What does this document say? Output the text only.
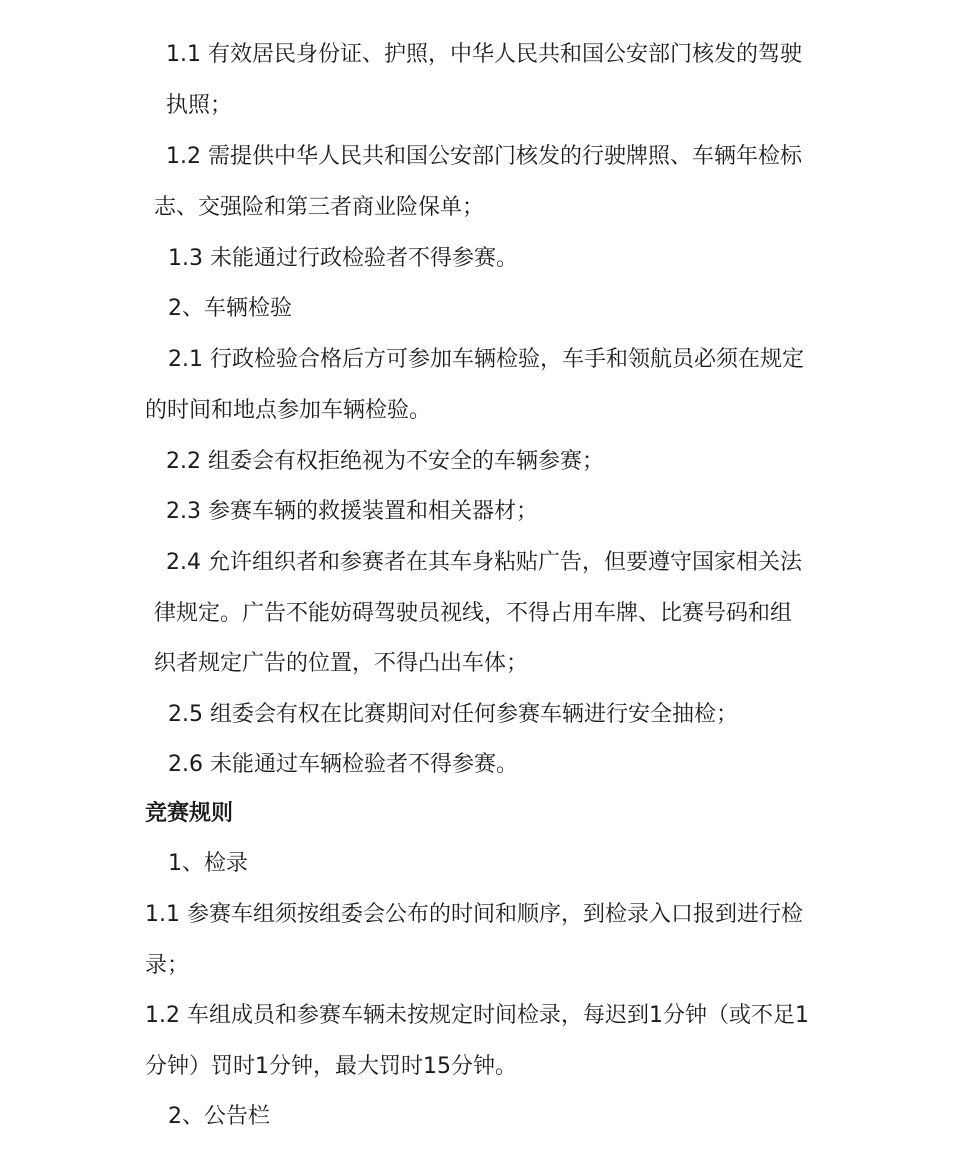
1.1 有效居民身份证、护照，中华人民共和国公安部门核发的驾驶
执照；
1.2 需提供中华人民共和国公安部门核发的行驶牌照、车辆年检标
志、交强险和第三者商业险保单；
1.3 未能通过行政检验者不得参赛。
2、车辆检验
2.1 行政检验合格后方可参加车辆检验，车手和领航员必须在规定
的时间和地点参加车辆检验。
2.2 组委会有权拒绝视为不安全的车辆参赛；
2.3 参赛车辆的救援装置和相关器材；
2.4 允许组织者和参赛者在其车身粘贴广告，但要遵守国家相关法
律规定。广告不能妨碍驾驶员视线，不得占用车牌、比赛号码和组
织者规定广告的位置，不得凸出车体；
2.5 组委会有权在比赛期间对任何参赛车辆进行安全抽检；
2.6 未能通过车辆检验者不得参赛。
竞赛规则
1、检录
1.1 参赛车组须按组委会公布的时间和顺序，到检录入口报到进行检
录；
1.2 车组成员和参赛车辆未按规定时间检录，每迟到1分钟（或不足1
分钟）罚时1分钟，最大罚时15分钟。
2、公告栏
